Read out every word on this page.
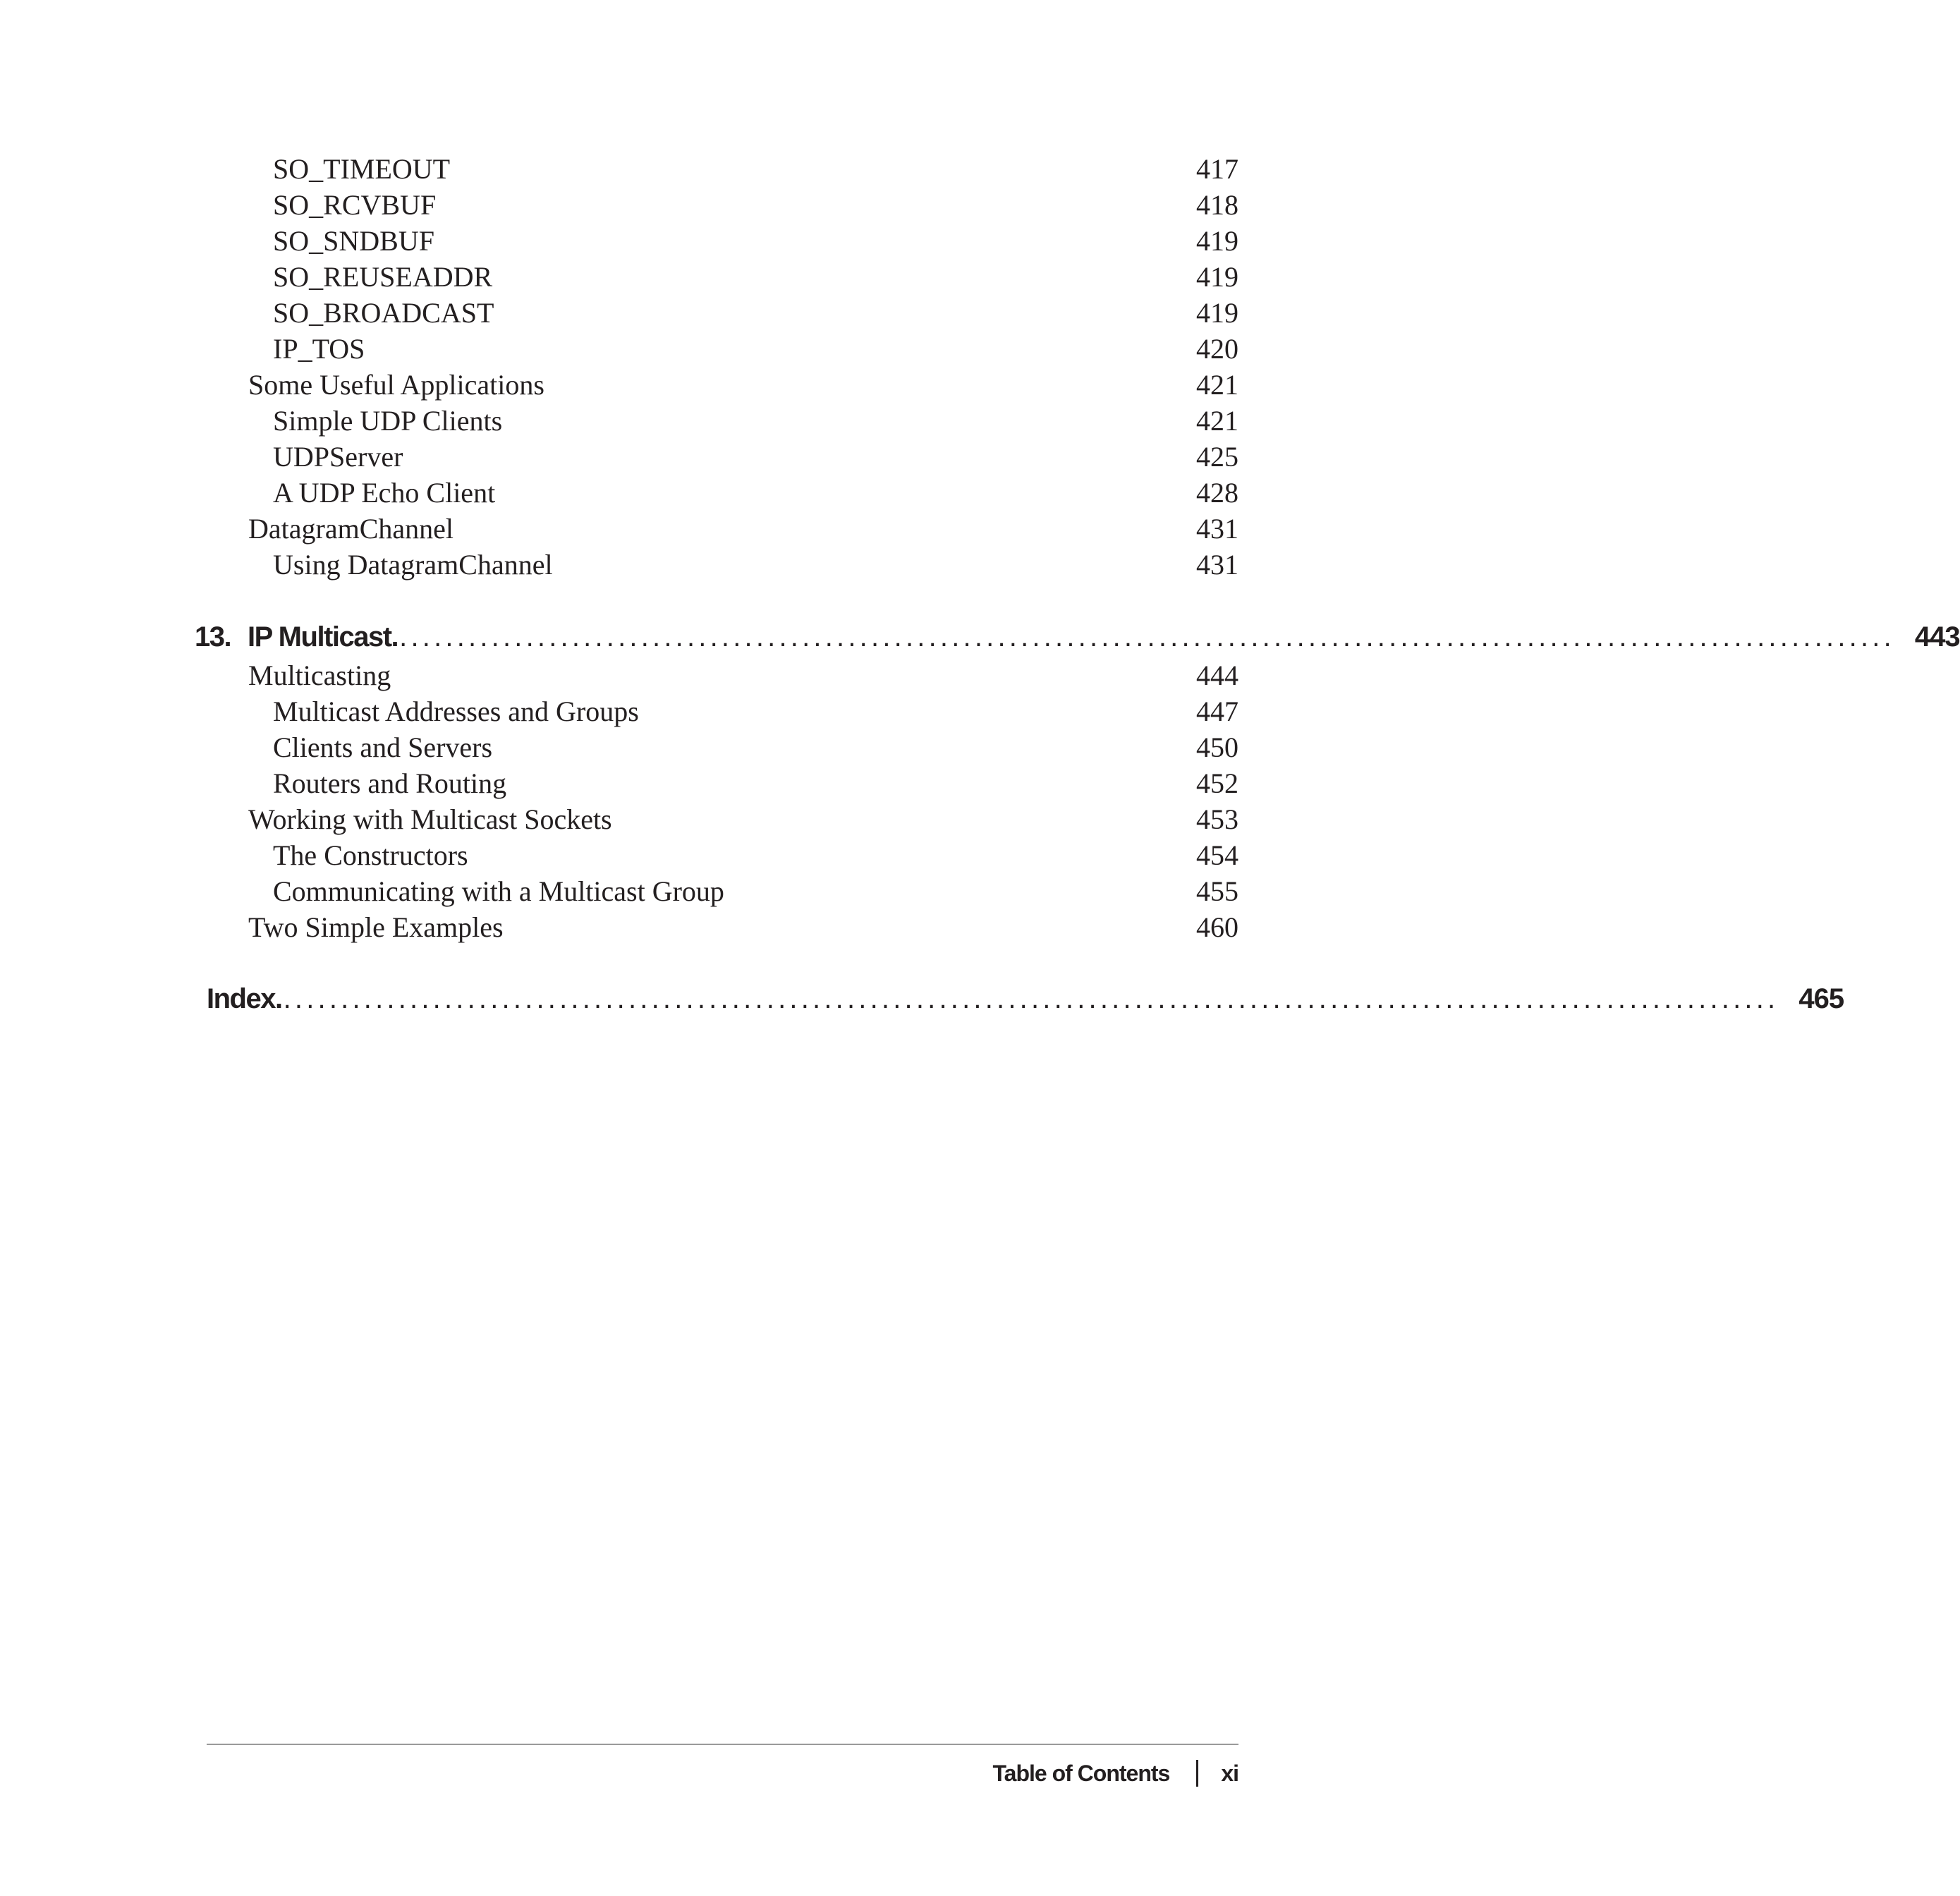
SO_TIMEOUT	417
SO_RCVBUF	418
SO_SNDBUF	419
SO_REUSEADDR	419
SO_BROADCAST	419
IP_TOS	420
Some Useful Applications	421
Simple UDP Clients	421
UDPServer	425
A UDP Echo Client	428
DatagramChannel	431
Using DatagramChannel	431
13. IP Multicast. .................................................................................................................................. 443
Multicasting	444
Multicast Addresses and Groups	447
Clients and Servers	450
Routers and Routing	452
Working with Multicast Sockets	453
The Constructors	454
Communicating with a Multicast Group	455
Two Simple Examples	460
Index. .................................................................................................................................. 465
Table of Contents xi
